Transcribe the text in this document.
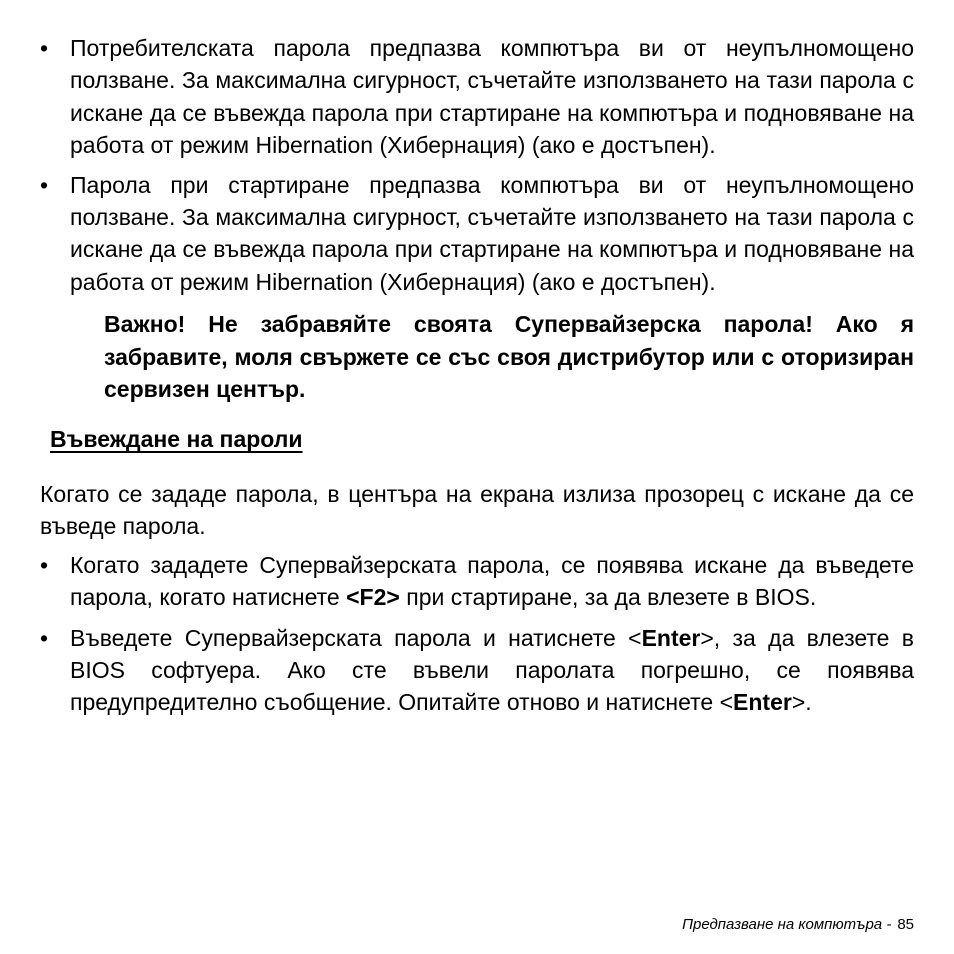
• Потребителската парола предпазва компютъра ви от неупълномощено ползване. За максимална сигурност, съчетайте използването на тази парола с искане да се въвежда парола при стартиране на компютъра и подновяване на работа от режим Hibernation (Хибернация) (ако е достъпен).
• Парола при стартиране предпазва компютъра ви от неупълномощено ползване. За максимална сигурност, съчетайте използването на тази парола с искане да се въвежда парола при стартиране на компютъра и подновяване на работа от режим Hibernation (Хибернация) (ако е достъпен).
Важно! Не забравяйте своята Супервайзерска парола! Ако я забравите, моля свържете се със своя дистрибутор или с оторизиран сервизен център.
Въвеждане на пароли
Когато се зададе парола, в центъра на екрана излиза прозорец с искане да се въведе парола.
• Когато зададете Супервайзерската парола, се появява искане да въведете парола, когато натиснете <F2> при стартиране, за да влезете в BIOS.
• Въведете Супервайзерската парола и натиснете <Enter>, за да влезете в BIOS софтуера. Ако сте въвели паролата погрешно, се появява предупредително съобщение. Опитайте отново и натиснете <Enter>.
Предпазване на компютъра - 85
